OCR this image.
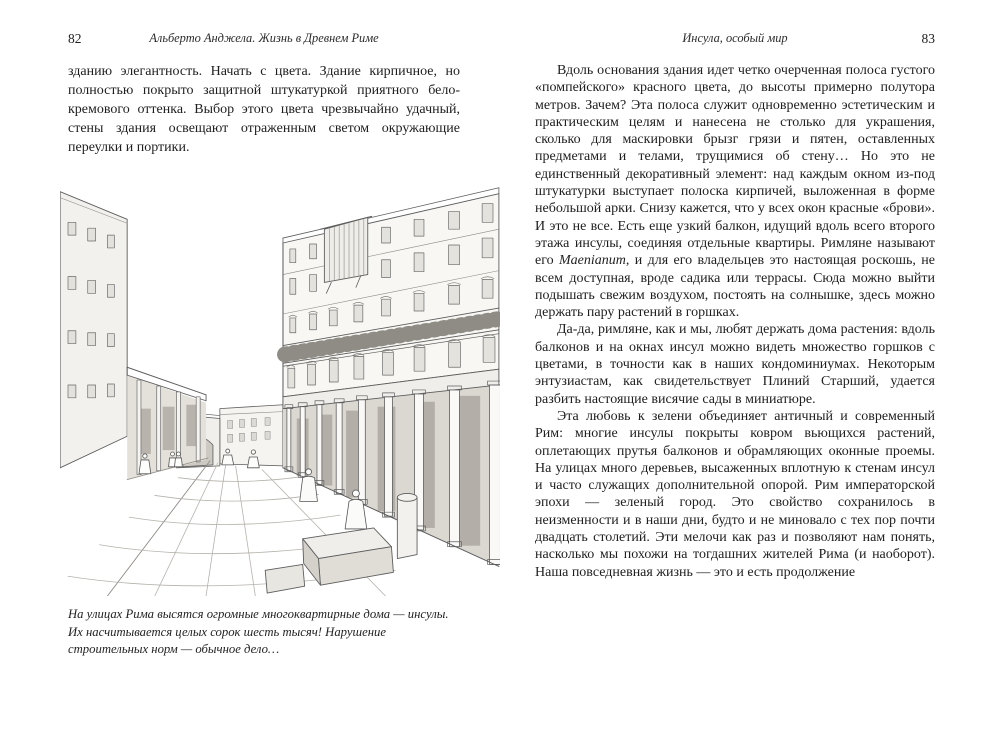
82	Альберто Анджела. Жизнь в Древнем Риме

зданию элегантность. Начать с цвета. Здание кирпичное, но полностью покрыто защитной штукатуркой приятного бело-кремового оттенка. Выбор этого цвета чрезвычайно удачный, стены здания освещают отраженным светом окружающие переулки и портики.

На улицах Рима высятся огромные многоквартирные дома — инсулы. Их насчитывается целых сорок шесть тысяч! Нарушение строительных норм — обычное дело…
Инсула, особый мир	83

Вдоль основания здания идет четко очерченная полоса густого «помпейского» красного цвета, до высоты примерно полутора метров. Зачем? Эта полоса служит одновременно эстетическим и практическим целям и нанесена не столько для украшения, сколько для маскировки брызг грязи и пятен, оставленных предметами и телами, трущимися об стену… Но это не единственный декоративный элемент: над каждым окном из-под штукатурки выступает полоска кирпичей, выложенная в форме небольшой арки. Снизу кажется, что у всех окон красные «брови». И это не все. Есть еще узкий балкон, идущий вдоль всего второго этажа инсулы, соединяя отдельные квартиры. Римляне называют его Maenianum, и для его владельцев это настоящая роскошь, не всем доступная, вроде садика или террасы. Сюда можно выйти подышать свежим воздухом, постоять на солнышке, здесь можно держать пару растений в горшках.

Да-да, римляне, как и мы, любят держать дома растения: вдоль балконов и на окнах инсул можно видеть множество горшков с цветами, в точности как в наших кондоминиумах. Некоторым энтузиастам, как свидетельствует Плиний Старший, удается разбить настоящие висячие сады в миниатюре.

Эта любовь к зелени объединяет античный и современный Рим: многие инсулы покрыты ковром вьющихся растений, оплетающих прутья балконов и обрамляющих оконные проемы. На улицах много деревьев, высаженных вплотную к стенам инсул и часто служащих дополнительной опорой. Рим императорской эпохи — зеленый город. Это свойство сохранилось в неизменности и в наши дни, будто и не миновало с тех пор почти двадцать столетий. Эти мелочи как раз и позволяют нам понять, насколько мы похожи на тогдашних жителей Рима (и наоборот). Наша повседневная жизнь — это и есть продолжение
